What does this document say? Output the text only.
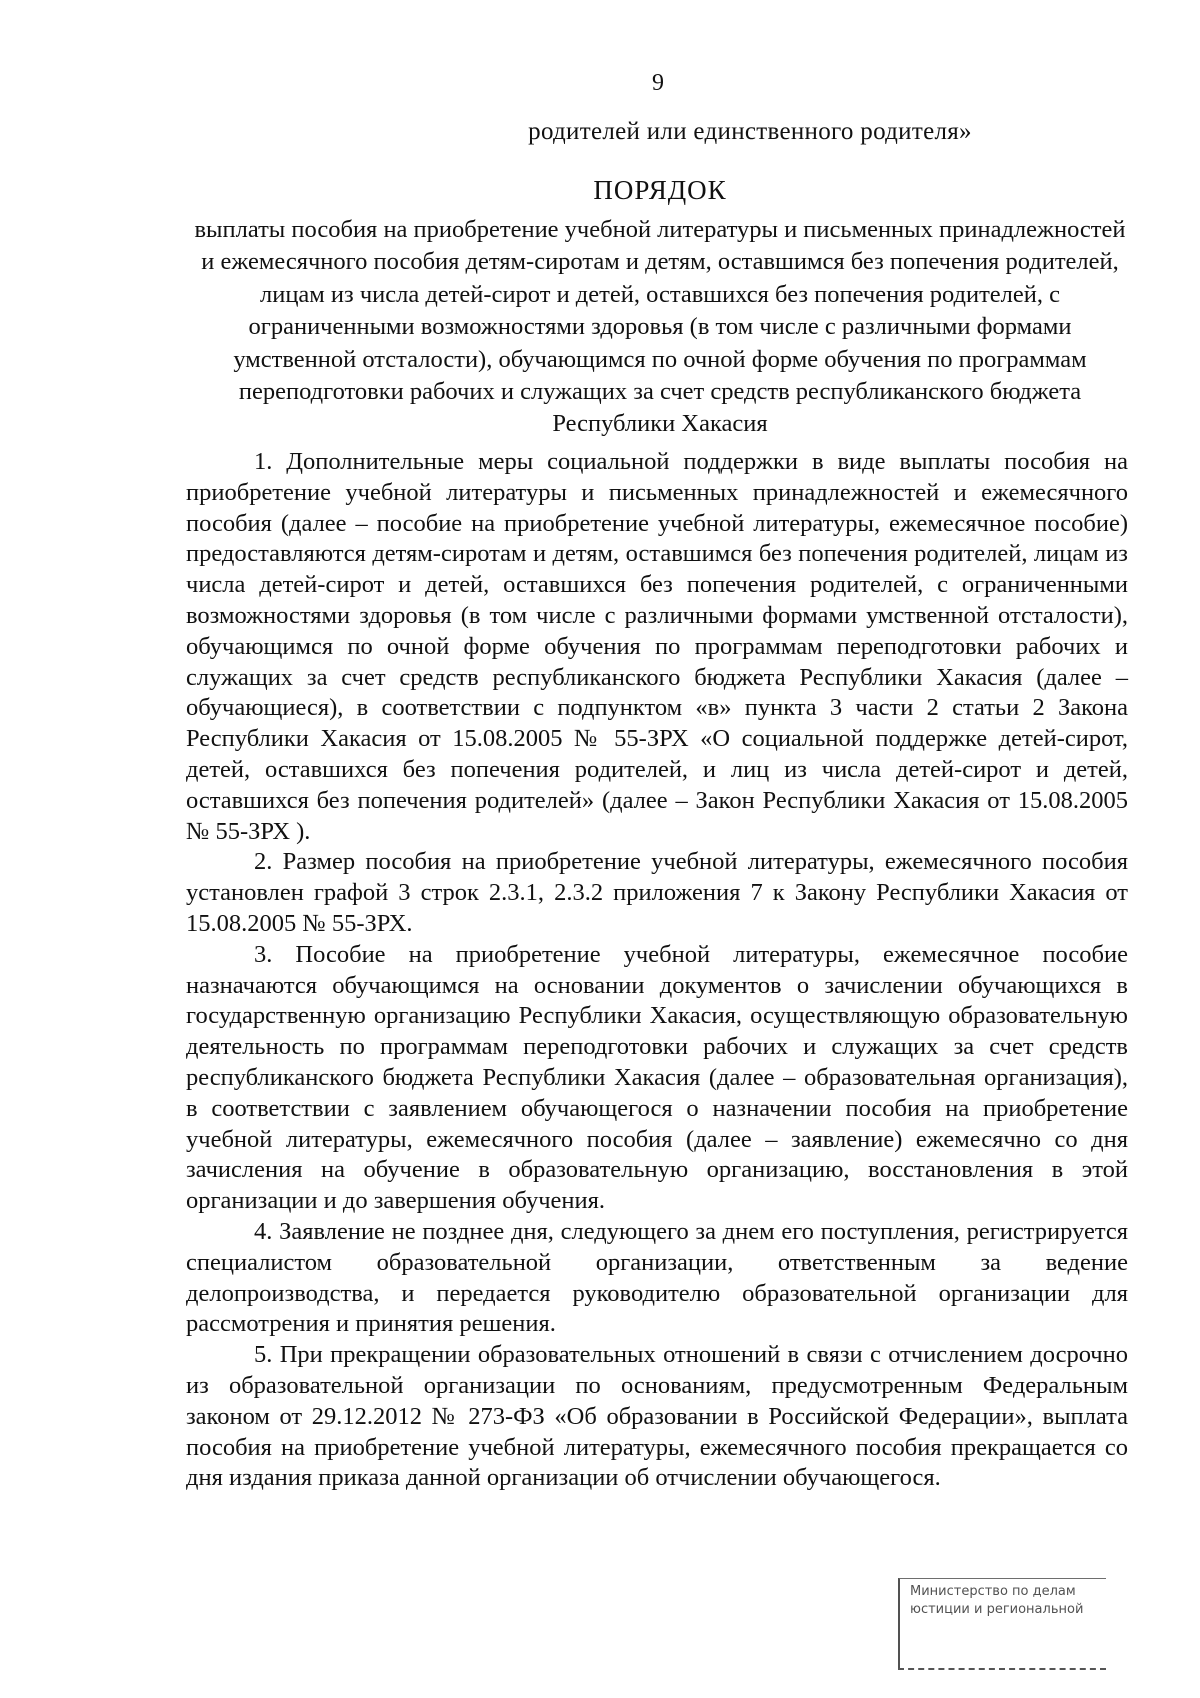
9
родителей или единственного родителя»
ПОРЯДОК
выплаты пособия на приобретение учебной литературы и письменных принадлежностей и ежемесячного пособия детям-сиротам и детям, оставшимся без попечения родителей, лицам из числа детей-сирот и детей, оставшихся без попечения родителей, с ограниченными возможностями здоровья (в том числе с различными формами умственной отсталости), обучающимся по очной форме обучения по программам переподготовки рабочих и служащих за счет средств республиканского бюджета Республики Хакасия

1. Дополнительные меры социальной поддержки в виде выплаты пособия на приобретение учебной литературы и письменных принадлежностей и ежемесячного пособия (далее – пособие на приобретение учебной литературы, ежемесячное пособие) предоставляются детям-сиротам и детям, оставшимся без попечения родителей, лицам из числа детей-сирот и детей, оставшихся без попечения родителей, с ограниченными возможностями здоровья (в том числе с различными формами умственной отсталости), обучающимся по очной форме обучения по программам переподготовки рабочих и служащих за счет средств республиканского бюджета Республики Хакасия (далее – обучающиеся), в соответствии с подпунктом «в» пункта 3 части 2 статьи 2 Закона Республики Хакасия от 15.08.2005 № 55-ЗРХ «О социальной поддержке детей-сирот, детей, оставшихся без попечения родителей, и лиц из числа детей-сирот и детей, оставшихся без попечения родителей» (далее – Закон Республики Хакасия от 15.08.2005 № 55-ЗРХ ).

2. Размер пособия на приобретение учебной литературы, ежемесячного пособия установлен графой 3 строк 2.3.1, 2.3.2 приложения 7 к Закону Республики Хакасия от 15.08.2005 № 55-ЗРХ.

3. Пособие на приобретение учебной литературы, ежемесячное пособие назначаются обучающимся на основании документов о зачислении обучающихся в государственную организацию Республики Хакасия, осуществляющую образовательную деятельность по программам переподготовки рабочих и служащих за счет средств республиканского бюджета Республики Хакасия (далее – образовательная организация), в соответствии с заявлением обучающегося о назначении пособия на приобретение учебной литературы, ежемесячного пособия (далее – заявление) ежемесячно со дня зачисления на обучение в образовательную организацию, восстановления в этой организации и до завершения обучения.

4. Заявление не позднее дня, следующего за днем его поступления, регистрируется специалистом образовательной организации, ответственным за ведение делопроизводства, и передается руководителю образовательной организации для рассмотрения и принятия решения.

5. При прекращении образовательных отношений в связи с отчислением досрочно из образовательной организации по основаниям, предусмотренным Федеральным законом от 29.12.2012 № 273-ФЗ «Об образовании в Российской Федерации», выплата пособия на приобретение учебной литературы, ежемесячного пособия прекращается со дня издания приказа данной организации об отчислении обучающегося.

Министерство по делам
юстиции и региональной
